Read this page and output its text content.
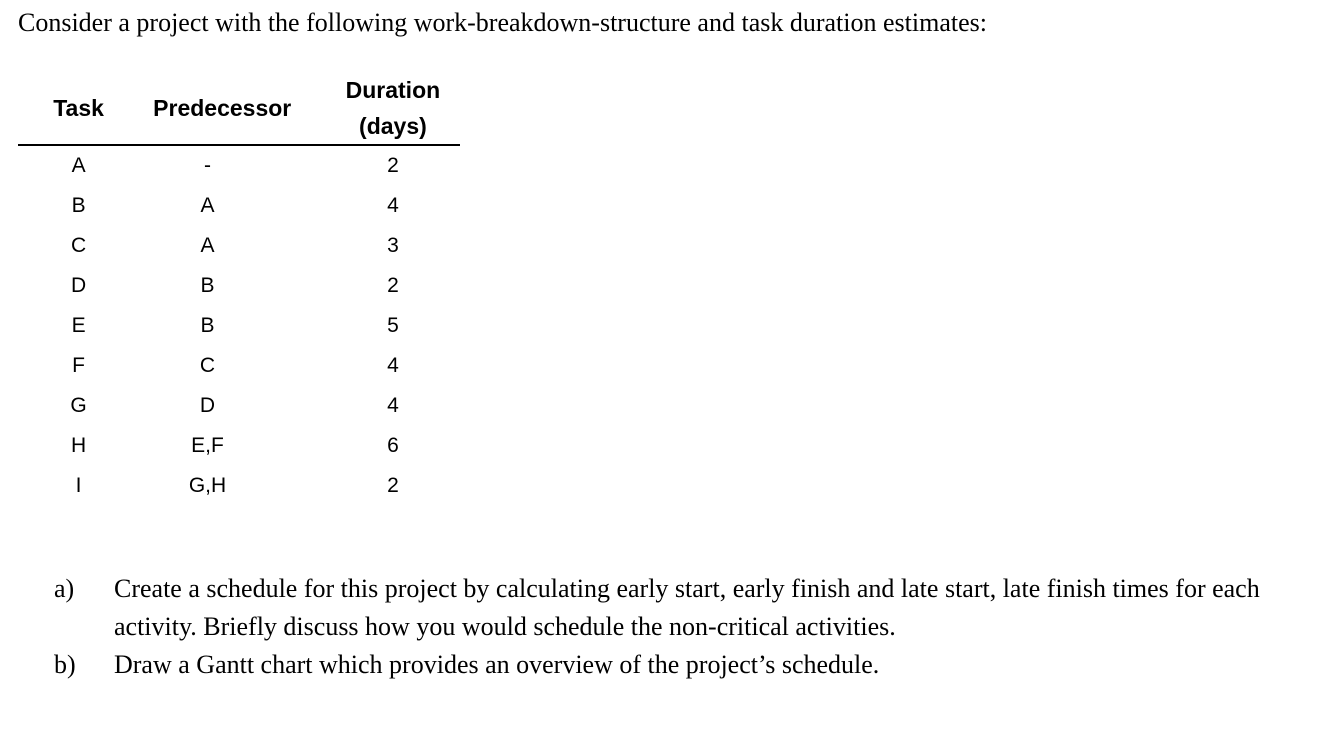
Consider a project with the following work-breakdown-structure and task duration estimates:

Task	Predecessor	Duration
(days)

A	-	2
B	A	4
C	A	3
D	B	2
E	B	5
F	C	4
G	D	4
H	E,F	6
I	G,H	2
a) Create a schedule for this project by calculating early start, early finish and late start, late finish times for each activity. Briefly discuss how you would schedule the non-critical activities.
b) Draw a Gantt chart which provides an overview of the project’s schedule.
